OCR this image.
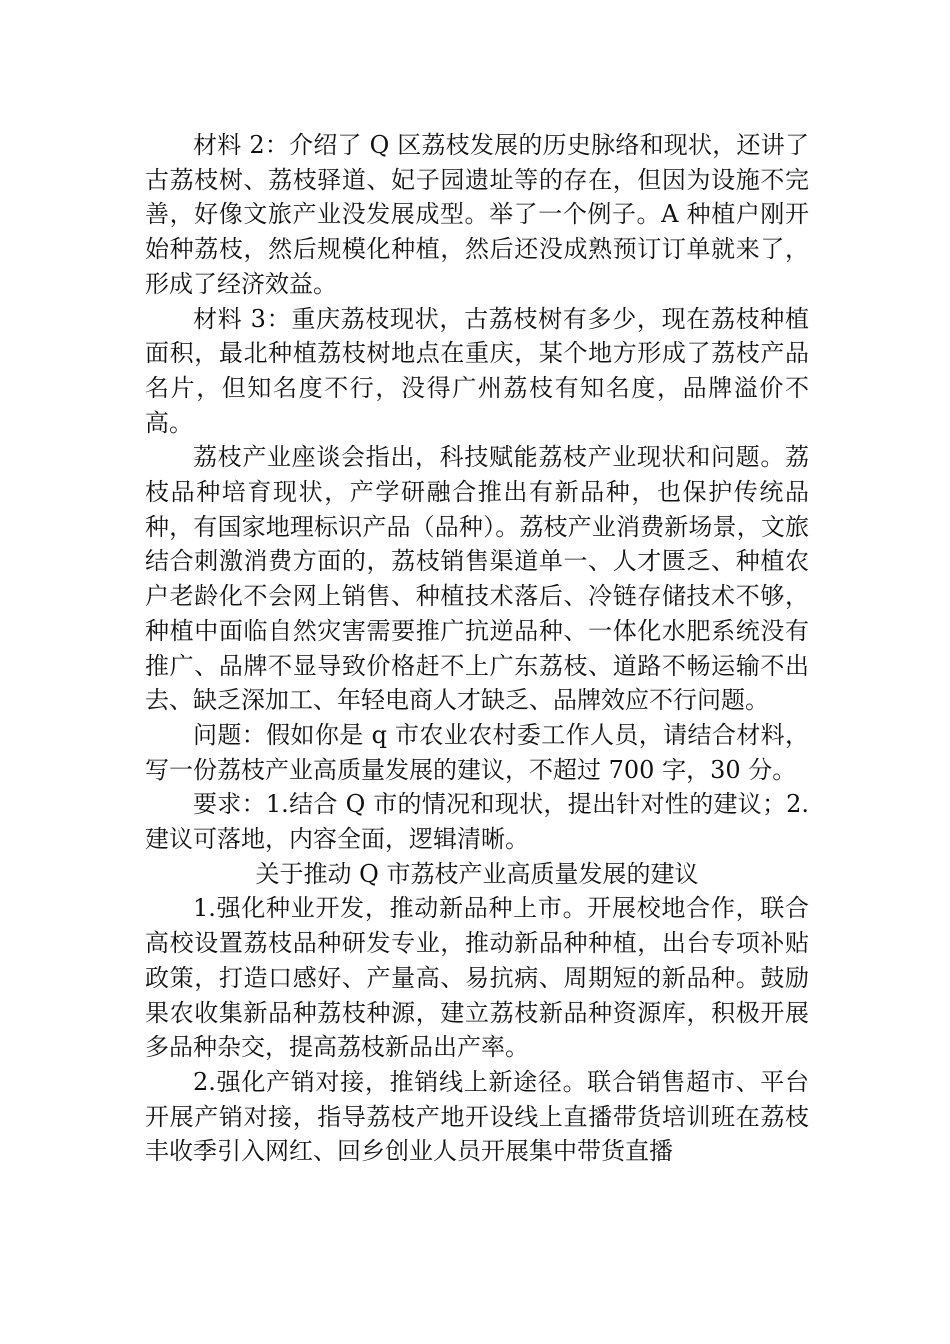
材料 2：介绍了 Q 区荔枝发展的历史脉络和现状，还讲了古荔枝树、荔枝驿道、妃子园遗址等的存在，但因为设施不完善，好像文旅产业没发展成型。举了一个例子。A 种植户刚开始种荔枝，然后规模化种植，然后还没成熟预订订单就来了，形成了经济效益。

材料 3：重庆荔枝现状，古荔枝树有多少，现在荔枝种植面积，最北种植荔枝树地点在重庆，某个地方形成了荔枝产品名片，但知名度不行，没得广州荔枝有知名度，品牌溢价不高。

荔枝产业座谈会指出，科技赋能荔枝产业现状和问题。荔枝品种培育现状，产学研融合推出有新品种，也保护传统品种，有国家地理标识产品（品种）。荔枝产业消费新场景，文旅结合刺激消费方面的，荔枝销售渠道单一、人才匮乏、种植农户老龄化不会网上销售、种植技术落后、冷链存储技术不够，种植中面临自然灾害需要推广抗逆品种、一体化水肥系统没有推广、品牌不显导致价格赶不上广东荔枝、道路不畅运输不出去、缺乏深加工、年轻电商人才缺乏、品牌效应不行问题。

问题：假如你是 q 市农业农村委工作人员，请结合材料，写一份荔枝产业高质量发展的建议，不超过 700 字，30 分。

要求：1.结合 Q 市的情况和现状，提出针对性的建议；2.建议可落地，内容全面，逻辑清晰。

关于推动 Q 市荔枝产业高质量发展的建议

1.强化种业开发，推动新品种上市。开展校地合作，联合高校设置荔枝品种研发专业，推动新品种种植，出台专项补贴政策，打造口感好、产量高、易抗病、周期短的新品种。鼓励果农收集新品种荔枝种源，建立荔枝新品种资源库，积极开展多品种杂交，提高荔枝新品出产率。

2.强化产销对接，推销线上新途径。联合销售超市、平台开展产销对接，指导荔枝产地开设线上直播带货培训班在荔枝丰收季引入网红、回乡创业人员开展集中带货直播
